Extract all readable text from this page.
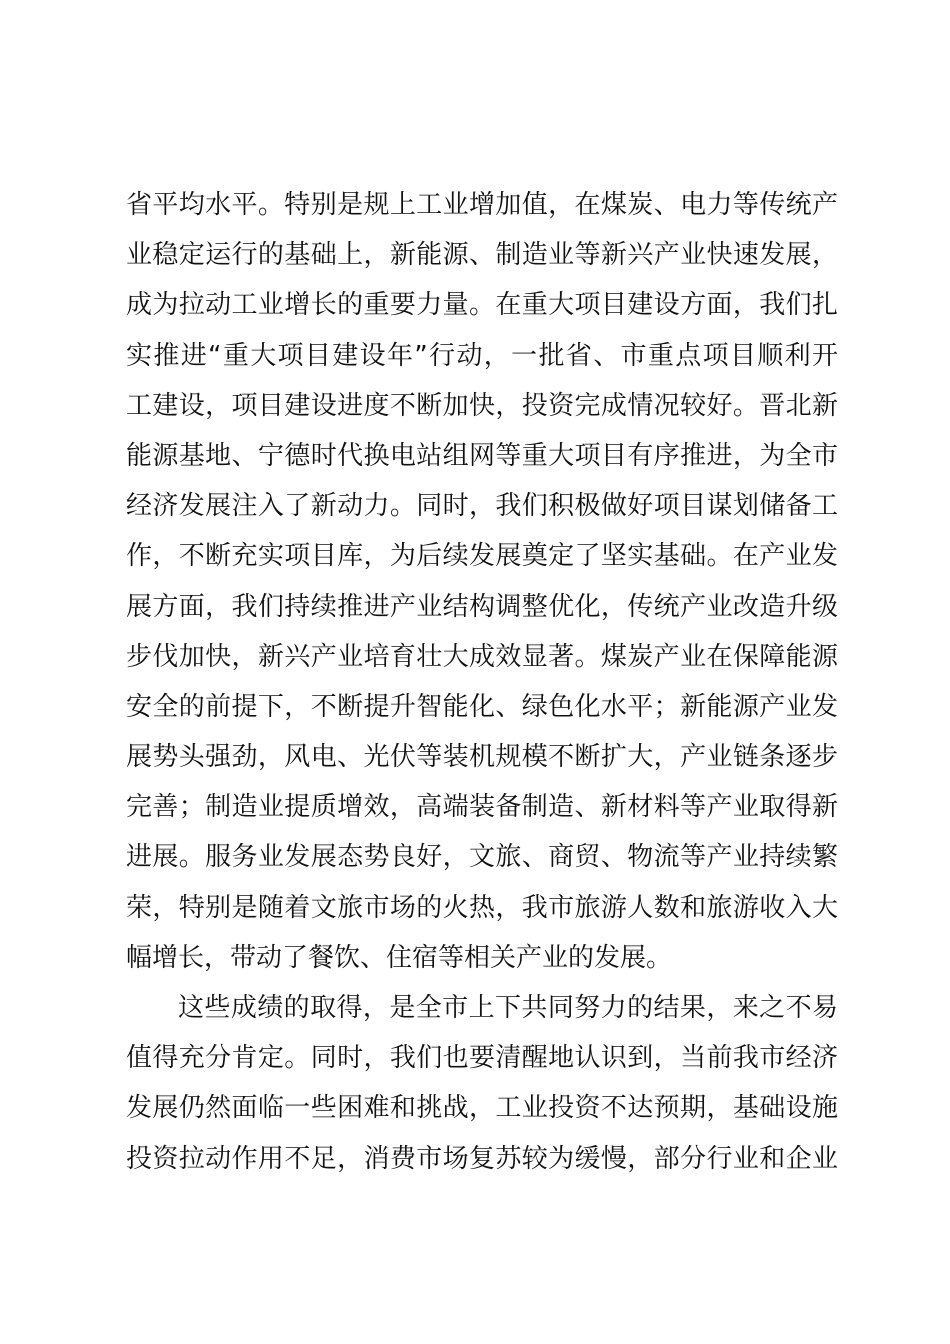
省平均水平。特别是规上工业增加值，在煤炭、电力等传统产
业稳定运行的基础上，新能源、制造业等新兴产业快速发展，
成为拉动工业增长的重要力量。在重大项目建设方面，我们扎
实推进“重大项目建设年”行动，一批省、市重点项目顺利开
工建设，项目建设进度不断加快，投资完成情况较好。晋北新
能源基地、宁德时代换电站组网等重大项目有序推进，为全市
经济发展注入了新动力。同时，我们积极做好项目谋划储备工
作，不断充实项目库，为后续发展奠定了坚实基础。在产业发
展方面，我们持续推进产业结构调整优化，传统产业改造升级
步伐加快，新兴产业培育壮大成效显著。煤炭产业在保障能源
安全的前提下，不断提升智能化、绿色化水平；新能源产业发
展势头强劲，风电、光伏等装机规模不断扩大，产业链条逐步
完善；制造业提质增效，高端装备制造、新材料等产业取得新
进展。服务业发展态势良好，文旅、商贸、物流等产业持续繁
荣，特别是随着文旅市场的火热，我市旅游人数和旅游收入大
幅增长，带动了餐饮、住宿等相关产业的发展。
这些成绩的取得，是全市上下共同努力的结果，来之不易
值得充分肯定。同时，我们也要清醒地认识到，当前我市经济
发展仍然面临一些困难和挑战，工业投资不达预期，基础设施
投资拉动作用不足，消费市场复苏较为缓慢，部分行业和企业
